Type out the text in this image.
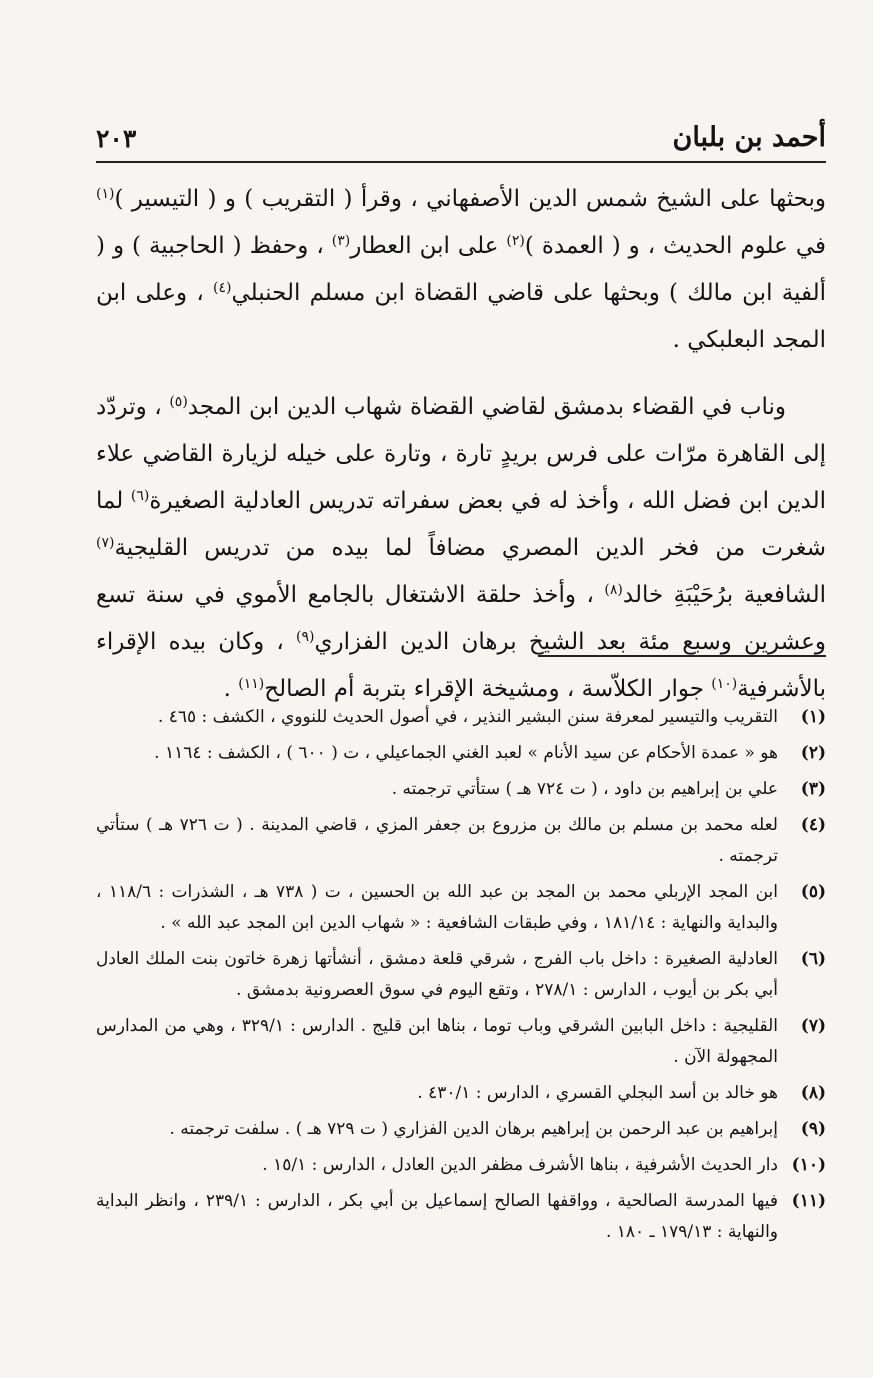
أحمد بن بلبان
٢٠٣

وبحثها على الشيخ شمس الدين الأصفهاني ، وقرأ ( التقريب ) و ( التيسير )$^{(١)}$ في علوم الحديث ، و ( العمدة )$^{(٢)}$ على ابن العطار$^{(٣)}$ ، وحفظ ( الحاجبية ) و ( ألفية ابن مالك ) وبحثها على قاضي القضاة ابن مسلم الحنبلي$^{(٤)}$ ، وعلى ابن المجد البعلبكي .

وناب في القضاء بدمشق لقاضي القضاة شهاب الدين ابن المجد$^{(٥)}$ ، وتردّد إلى القاهرة مرّات على فرس بريدٍ تارة ، وتارة على خيله لزيارة القاضي علاء الدين ابن فضل الله ، وأخذ له في بعض سفراته تدريس العادلية الصغيرة$^{(٦)}$ لما شغرت من فخر الدين المصري مضافاً لما بيده من تدريس القليجية$^{(٧)}$ الشافعية برُحَيْبَةِ خالد$^{(٨)}$ ، وأخذ حلقة الاشتغال بالجامع الأموي في سنة تسع وعشرين وسبع مئة بعد الشيخ برهان الدين الفزاري$^{(٩)}$ ، وكان بيده الإقراء بالأشرفية$^{(١٠)}$ جوار الكلاّسة ، ومشيخة الإقراء بتربة أم الصالح$^{(١١)}$ .

(١)
التقريب والتيسير لمعرفة سنن البشير النذير ، في أصول الحديث للنووي ، الكشف : ٤٦٥ .
(٢)
هو « عمدة الأحكام عن سيد الأنام » لعبد الغني الجماعيلي ، ت ( ٦٠٠ ) ، الكشف : ١١٦٤ .
(٣)
علي بن إبراهيم بن داود ، ( ت ٧٢٤ هـ ) ستأتي ترجمته .
(٤)
لعله محمد بن مسلم بن مالك بن مزروع بن جعفر المزي ، قاضي المدينة . ( ت ٧٢٦ هـ ) ستأتي ترجمته .
(٥)
ابن المجد الإربلي محمد بن المجد بن عبد الله بن الحسين ، ت ( ٧٣٨ هـ ، الشذرات : ١١٨/٦ ، والبداية والنهاية : ١٨١/١٤ ، وفي طبقات الشافعية : « شهاب الدين ابن المجد عبد الله » .
(٦)
العادلية الصغيرة : داخل باب الفرج ، شرقي قلعة دمشق ، أنشأتها زهرة خاتون بنت الملك العادل أبي بكر بن أيوب ، الدارس : ٢٧٨/١ ، وتقع اليوم في سوق العصرونية بدمشق .
(٧)
القليجية : داخل البابين الشرقي وباب توما ، بناها ابن قليج . الدارس : ٣٢٩/١ ، وهي من المدارس المجهولة الآن .
(٨)
هو خالد بن أسد البجلي القسري ، الدارس : ٤٣٠/١ .
(٩)
إبراهيم بن عبد الرحمن بن إبراهيم برهان الدين الفزاري ( ت ٧٢٩ هـ ) . سلفت ترجمته .
(١٠)
دار الحديث الأشرفية ، بناها الأشرف مظفر الدين العادل ، الدارس : ١٥/١ .
(١١)
فيها المدرسة الصالحية ، وواقفها الصالح إسماعيل بن أبي بكر ، الدارس : ٢٣٩/١ ، وانظر البداية والنهاية : ١٧٩/١٣ ـ ١٨٠ .
